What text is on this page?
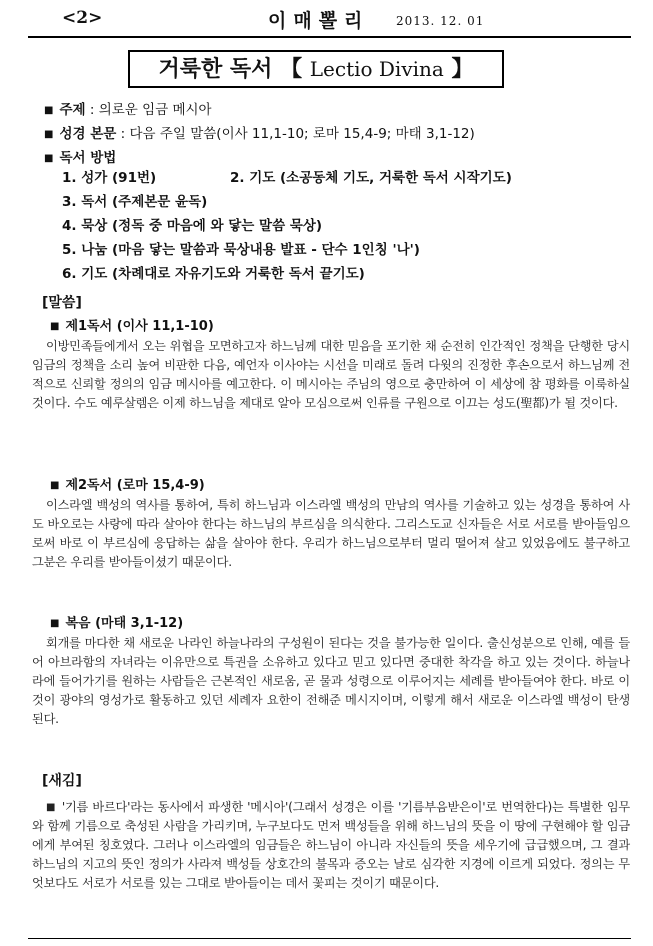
<2>	이매뽈리 2013. 12. 01
거룩한 독서 【 Lectio Divina 】
■ 주제 : 의로운 임금 메시아
■ 성경 본문 : 다음 주일 말씀(이사 11,1-10; 로마 15,4-9; 마태 3,1-12)
■ 독서 방법
1. 성가 (91번)	2. 기도 (소공동체 기도, 거룩한 독서 시작기도)
3. 독서 (주제본문 윤독)
4. 묵상 (정독 중 마음에 와 닿는 말씀 묵상)
5. 나눔 (마음 닿는 말씀과 묵상내용 발표 - 단수 1인칭 '나')
6. 기도 (차례대로 자유기도와 거룩한 독서 끝기도)
[말씀]
■ 제1독서 (이사 11,1-10)
이방민족들에게서 오는 위협을 모면하고자 하느님께 대한 믿음을 포기한 채 순전히 인간적인 정책을 단행한 당시 임금의 정책을 소리 높여 비판한 다음, 예언자 이사야는 시선을 미래로 돌려 다윗의 진정한 후손으로서 하느님께 전적으로 신뢰할 정의의 임금 메시아를 예고한다. 이 메시아는 주님의 영으로 충만하여 이 세상에 참 평화를 이룩하실 것이다. 수도 예루살렘은 이제 하느님을 제대로 알아 모심으로써 인류를 구원으로 이끄는 성도(聖都)가 될 것이다.
■ 제2독서 (로마 15,4-9)
이스라엘 백성의 역사를 통하여, 특히 하느님과 이스라엘 백성의 만남의 역사를 기술하고 있는 성경을 통하여 사도 바오로는 사랑에 따라 살아야 한다는 하느님의 부르심을 의식한다. 그리스도교 신자들은 서로 서로를 받아들임으로써 바로 이 부르심에 응답하는 삶을 살아야 한다. 우리가 하느님으로부터 멀리 떨어져 살고 있었음에도 불구하고 그분은 우리를 받아들이셨기 때문이다.
■ 복음 (마태 3,1-12)
회개를 마다한 채 새로운 나라인 하늘나라의 구성원이 된다는 것을 불가능한 일이다. 출신성분으로 인해, 예를 들어 아브라함의 자녀라는 이유만으로 특권을 소유하고 있다고 믿고 있다면 중대한 착각을 하고 있는 것이다. 하늘나라에 들어가기를 원하는 사람들은 근본적인 새로움, 곧 물과 성령으로 이루어지는 세례를 받아들여야 한다. 바로 이것이 광야의 영성가로 활동하고 있던 세례자 요한이 전해준 메시지이며, 이렇게 해서 새로운 이스라엘 백성이 탄생된다.
[새김]
■ '기름 바르다'라는 동사에서 파생한 '메시아'(그래서 성경은 이를 '기름부음받은이'로 번역한다)는 특별한 임무와 함께 기름으로 축성된 사람을 가리키며, 누구보다도 먼저 백성들을 위해 하느님의 뜻을 이 땅에 구현해야 할 임금에게 부여된 칭호였다. 그러나 이스라엘의 임금들은 하느님이 아니라 자신들의 뜻을 세우기에 급급했으며, 그 결과 하느님의 지고의 뜻인 정의가 사라져 백성들 상호간의 불목과 증오는 날로 심각한 지경에 이르게 되었다. 정의는 무엇보다도 서로가 서로를 있는 그대로 받아들이는 데서 꽃피는 것이기 때문이다.
